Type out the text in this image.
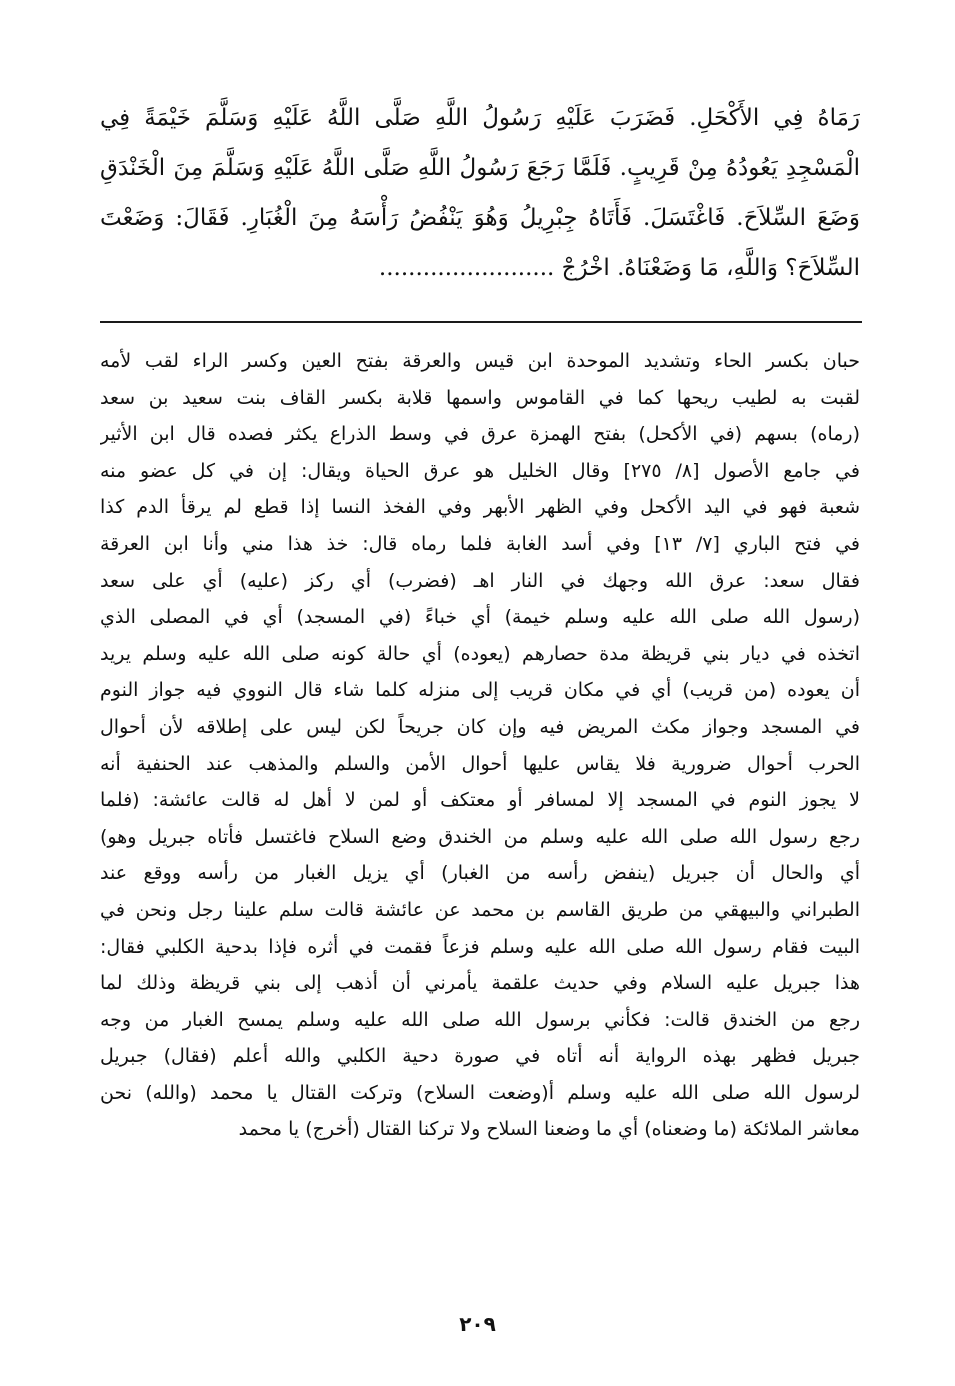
رَمَاهُ فِي الأَكْحَلِ. فَضَرَبَ عَلَيْهِ رَسُولُ اللَّهِ صَلَّى اللَّهُ عَلَيْهِ وَسَلَّمَ خَيْمَةً فِي
الْمَسْجِدِ يَعُودُهُ مِنْ قَرِيبٍ. فَلَمَّا رَجَعَ رَسُولُ اللَّهِ صَلَّى اللَّهُ عَلَيْهِ وَسَلَّمَ مِنَ الْخَنْدَقِ
وَضَعَ السِّلاَحَ. فَاغْتَسَلَ. فَأَتَاهُ جِبْرِيلُ وَهُوَ يَنْفُضُ رَأْسَهُ مِنَ الْغُبَارِ. فَقَالَ: وَضَعْتَ
السِّلاَحَ؟ وَاللَّهِ، مَا وَضَعْنَاهُ. اخْرُجْ ........................
حبان بكسر الحاء وتشديد الموحدة ابن قيس والعرقة بفتح العين وكسر الراء لقب لأمه
لقبت به لطيب ريحها كما في القاموس واسمها قلابة بكسر القاف بنت سعيد بن سعد
(رماه) بسهم (في الأكحل) بفتح الهمزة عرق في وسط الذراع يكثر فصده قال ابن الأثير
في جامع الأصول [٨/ ٢٧٥] وقال الخليل هو عرق الحياة ويقال: إن في كل عضو منه
شعبة فهو في اليد الأكحل وفي الظهر الأبهر وفي الفخذ النسا إذا قطع لم يرقأ الدم كذا
في فتح الباري [٧/ ١٣] وفي أسد الغابة فلما رماه قال: خذ هذا مني وأنا ابن العرقة
فقال سعد: عرق الله وجهك في النار اهـ (فضرب) أي ركز (عليه) أي على سعد
(رسول الله صلى الله عليه وسلم خيمة) أي خباءً (في المسجد) أي في المصلى الذي
اتخذه في ديار بني قريظة مدة حصارهم (يعوده) أي حالة كونه صلى الله عليه وسلم يريد
أن يعوده (من قريب) أي في مكان قريب إلى منزله كلما شاء قال النووي فيه جواز النوم
في المسجد وجواز مكث المريض فيه وإن كان جريحاً لكن ليس على إطلاقه لأن أحوال
الحرب أحوال ضرورية فلا يقاس عليها أحوال الأمن والسلم والمذهب عند الحنفية أنه
لا يجوز النوم في المسجد إلا لمسافر أو معتكف أو لمن لا أهل له قالت عائشة: (فلما
رجع رسول الله صلى الله عليه وسلم من الخندق وضع السلاح فاغتسل فأتاه جبريل وهو)
أي والحال أن جبريل (ينفض رأسه من الغبار) أي يزيل الغبار من رأسه ووقع عند
الطبراني والبيهقي من طريق القاسم بن محمد عن عائشة قالت سلم علينا رجل ونحن في
البيت فقام رسول الله صلى الله عليه وسلم فزعاً فقمت في أثره فإذا بدحية الكلبي فقال:
هذا جبريل عليه السلام وفي حديث علقمة يأمرني أن أذهب إلى بني قريظة وذلك لما
رجع من الخندق قالت: فكأني برسول الله صلى الله عليه وسلم يمسح الغبار من وجه
جبريل فظهر بهذه الرواية أنه أتاه في صورة دحية الكلبي والله أعلم (فقال) جبريل
لرسول الله صلى الله عليه وسلم أ(وضعت السلاح) وتركت القتال يا محمد (والله) نحن
معاشر الملائكة (ما وضعناه) أي ما وضعنا السلاح ولا تركنا القتال (أخرج) يا محمد
٢٠٩
